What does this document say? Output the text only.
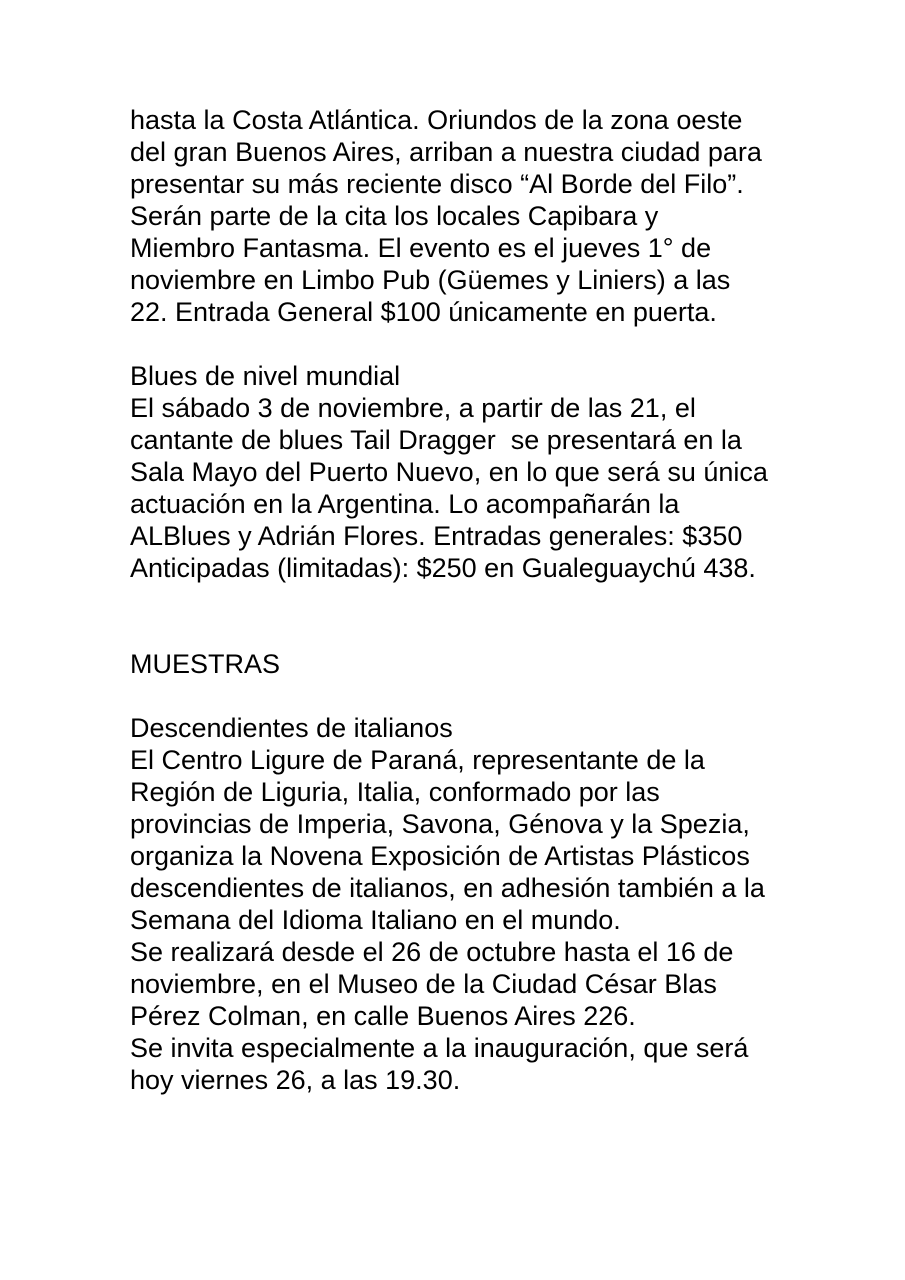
hasta la Costa Atlántica. Oriundos de la zona oeste
del gran Buenos Aires, arriban a nuestra ciudad para
presentar su más reciente disco “Al Borde del Filo”.
Serán parte de la cita los locales Capibara y
Miembro Fantasma. El evento es el jueves 1° de
noviembre en Limbo Pub (Güemes y Liniers) a las
22. Entrada General $100 únicamente en puerta.
Blues de nivel mundial
El sábado 3 de noviembre, a partir de las 21, el
cantante de blues Tail Dragger  se presentará en la
Sala Mayo del Puerto Nuevo, en lo que será su única
actuación en la Argentina. Lo acompañarán la
ALBlues y Adrián Flores. Entradas generales: $350
Anticipadas (limitadas): $250 en Gualeguaychú 438.
MUESTRAS
Descendientes de italianos
El Centro Ligure de Paraná, representante de la
Región de Liguria, Italia, conformado por las
provincias de Imperia, Savona, Génova y la Spezia,
organiza la Novena Exposición de Artistas Plásticos
descendientes de italianos, en adhesión también a la
Semana del Idioma Italiano en el mundo.
Se realizará desde el 26 de octubre hasta el 16 de
noviembre, en el Museo de la Ciudad César Blas
Pérez Colman, en calle Buenos Aires 226.
Se invita especialmente a la inauguración, que será
hoy viernes 26, a las 19.30.
